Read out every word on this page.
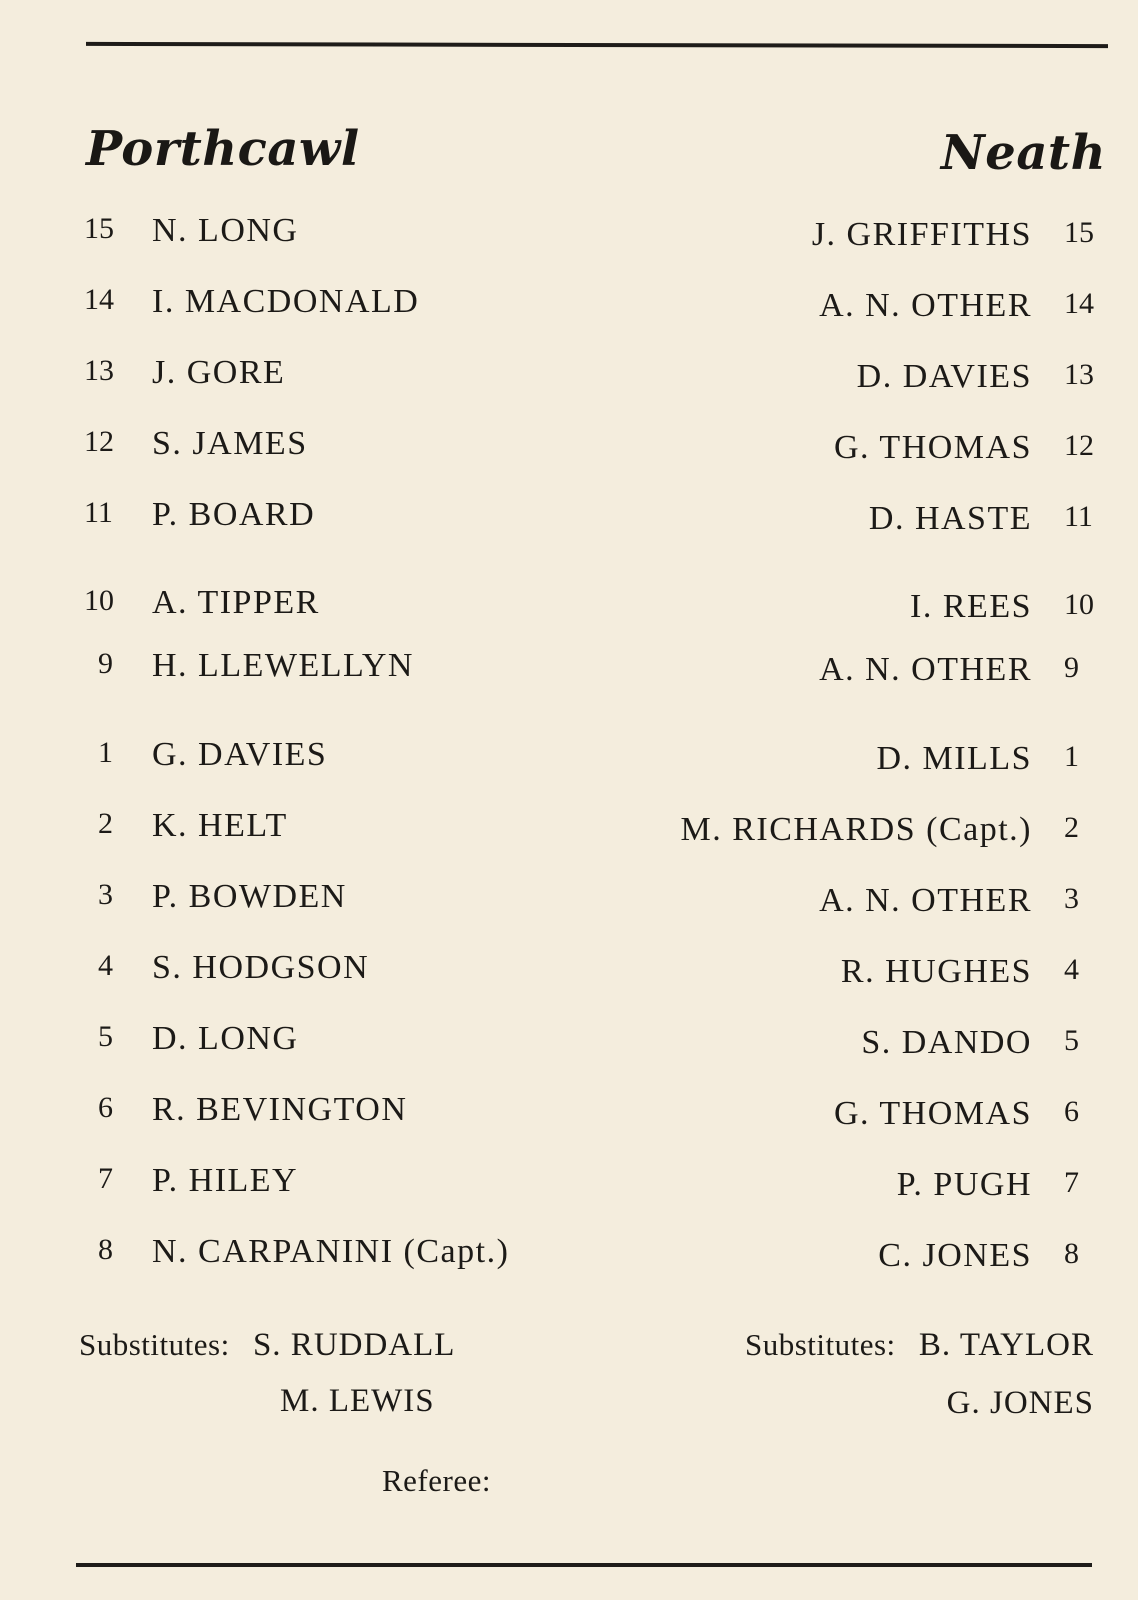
Porthcawl	Neath
15	N. LONG
14	I. MACDONALD
13	J. GORE
12	S. JAMES
11	P. BOARD
10	A. TIPPER
9	H. LLEWELLYN
1	G. DAVIES
2	K. HELT
3	P. BOWDEN
4	S. HODGSON
5	D. LONG
6	R. BEVINGTON
7	P. HILEY
8	N. CARPANINI (Capt.)
J. GRIFFITHS 15
A. N. OTHER 14
D. DAVIES 13
G. THOMAS 12
D. HASTE 11
I. REES 10
A. N. OTHER 9
D. MILLS 1
M. RICHARDS (Capt.) 2
A. N. OTHER 3
R. HUGHES 4
S. DANDO 5
G. THOMAS 6
P. PUGH 7
C. JONES 8
Substitutes: S. RUDDALL
M. LEWIS
Substitutes: B. TAYLOR
G. JONES
Referee:
